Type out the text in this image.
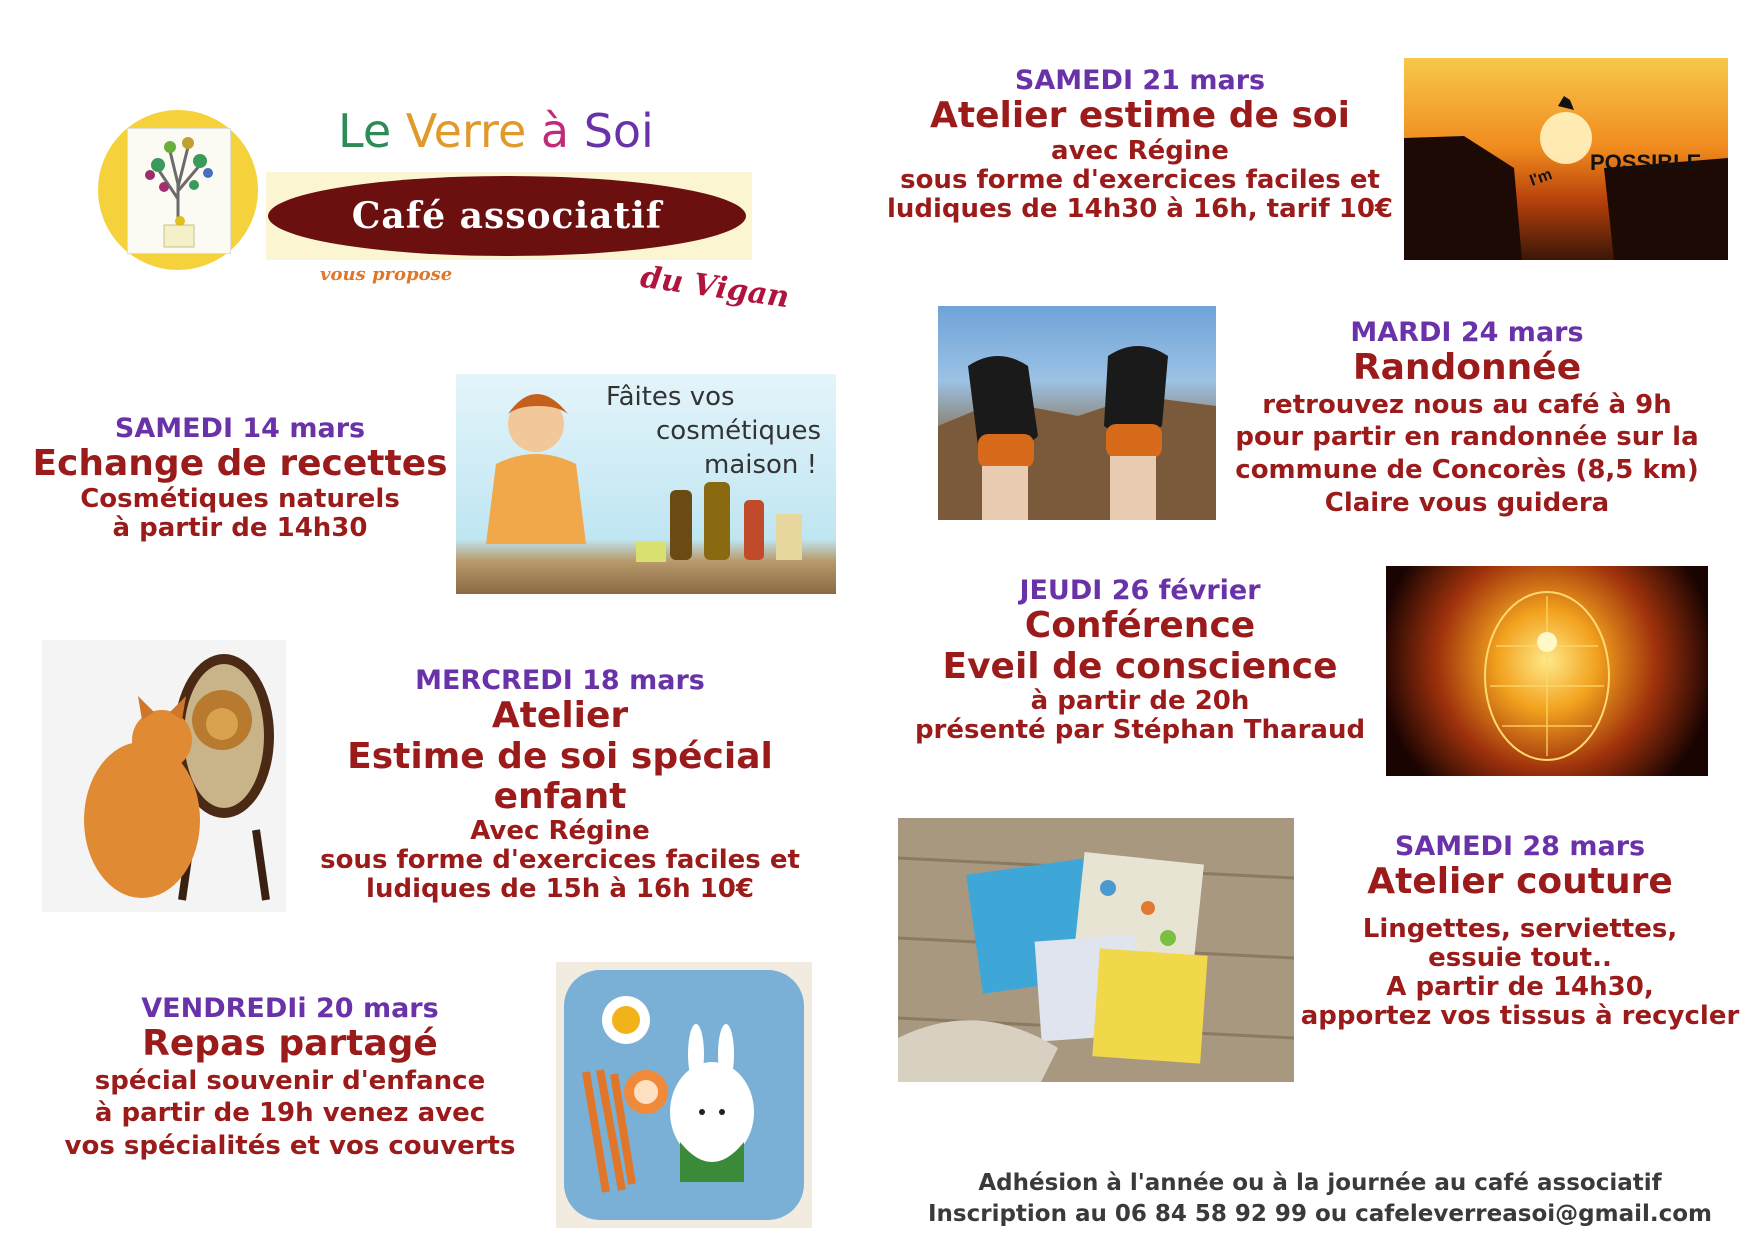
Le Verre à Soi
Café associatif
vous propose	du Vigan
SAMEDI 21 mars
Atelier estime de soi
avec Régine
sous forme d'exercices faciles et
ludiques de 14h30 à 16h, tarif 10€
POSSIBLE
I'm
MARDI 24 mars
Randonnée
retrouvez nous au café à 9h
pour partir en randonnée sur la
commune de Concorès (8,5 km)
Claire vous guidera
SAMEDI 14 mars
Echange de recettes
Cosmétiques naturels
à partir de 14h30
Fâites vos
cosmétiques
maison !
JEUDI 26 février
Conférence
Eveil de conscience
à partir de 20h
présenté par Stéphan Tharaud
MERCREDI 18 mars
Atelier
Estime de soi spécial enfant
Avec Régine
sous forme d'exercices faciles et
ludiques de 15h à 16h 10€
SAMEDI 28 mars
Atelier couture
Lingettes, serviettes,
essuie tout..
A partir de 14h30,
apportez vos tissus à recycler
VENDREDIi 20 mars
Repas partagé
spécial souvenir d'enfance
à partir de 19h venez avec
vos spécialités et vos couverts
Adhésion à l'année ou à la journée au café associatif
Inscription au 06 84 58 92 99 ou cafeleverreasoi@gmail.com
